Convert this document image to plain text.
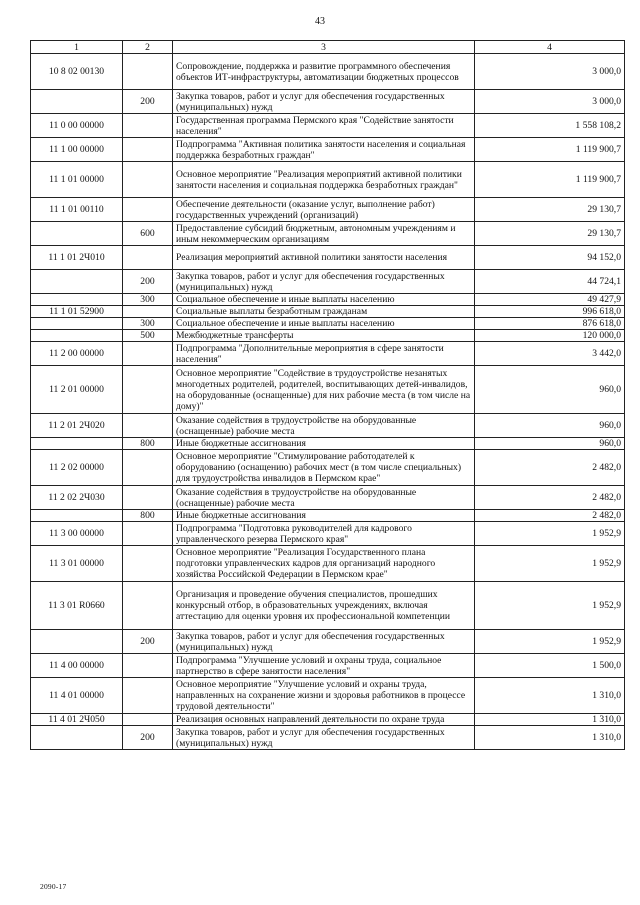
43
1	2	3	4
10 8 02 00130		Сопровождение, поддержка и развитие программного обеспечения объектов ИТ-инфраструктуры, автоматизации бюджетных процессов	3 000,0
	200	Закупка товаров, работ и услуг для обеспечения государственных (муниципальных) нужд	3 000,0
11 0 00 00000		Государственная программа Пермского края "Содействие занятости населения"	1 558 108,2
11 1 00 00000		Подпрограмма "Активная политика занятости населения и социальная поддержка безработных граждан"	1 119 900,7
11 1 01 00000		Основное мероприятие "Реализация мероприятий активной политики занятости населения и социальная поддержка безработных граждан"	1 119 900,7
11 1 01 00110		Обеспечение деятельности (оказание услуг, выполнение работ) государственных учреждений (организаций)	29 130,7
	600	Предоставление субсидий бюджетным, автономным учреждениям и иным некоммерческим организациям	29 130,7
11 1 01 2Ч010		Реализация мероприятий активной политики занятости населения	94 152,0
	200	Закупка товаров, работ и услуг для обеспечения государственных (муниципальных) нужд	44 724,1
	300	Социальное обеспечение и иные выплаты населению	49 427,9
11 1 01 52900		Социальные выплаты безработным гражданам	996 618,0
	300	Социальное обеспечение и иные выплаты населению	876 618,0
	500	Межбюджетные трансферты	120 000,0
11 2 00 00000		Подпрограмма "Дополнительные мероприятия в сфере занятости населения"	3 442,0
11 2 01 00000		Основное мероприятие "Содействие в трудоустройстве незанятых многодетных родителей, родителей, воспитывающих детей-инвалидов, на оборудованные (оснащенные) для них рабочие места (в том числе на дому)"	960,0
11 2 01 2Ч020		Оказание содействия в трудоустройстве на оборудованные (оснащенные) рабочие места	960,0
	800	Иные бюджетные ассигнования	960,0
11 2 02 00000		Основное мероприятие "Стимулирование работодателей к оборудованию (оснащению) рабочих мест (в том числе специальных) для трудоустройства инвалидов в Пермском крае"	2 482,0
11 2 02 2Ч030		Оказание содействия в трудоустройстве на оборудованные (оснащенные) рабочие места	2 482,0
	800	Иные бюджетные ассигнования	2 482,0
11 3 00 00000		Подпрограмма "Подготовка руководителей для кадрового управленческого резерва Пермского края"	1 952,9
11 3 01 00000		Основное мероприятие "Реализация Государственного плана подготовки управленческих кадров для организаций народного хозяйства Российской Федерации в Пермском крае"	1 952,9
11 3 01 R0660		Организация и проведение обучения специалистов, прошедших конкурсный отбор, в образовательных учреждениях, включая аттестацию для оценки уровня их профессиональной компетенции	1 952,9
	200	Закупка товаров, работ и услуг для обеспечения государственных (муниципальных) нужд	1 952,9
11 4 00 00000		Подпрограмма "Улучшение условий и охраны труда, социальное партнерство в сфере занятости населения"	1 500,0
11 4 01 00000		Основное мероприятие "Улучшение условий и охраны труда, направленных на сохранение жизни и здоровья работников в процессе трудовой деятельности"	1 310,0
11 4 01 2Ч050		Реализация основных направлений деятельности по охране труда	1 310,0
	200	Закупка товаров, работ и услуг для обеспечения государственных (муниципальных) нужд	1 310,0
2090-17
